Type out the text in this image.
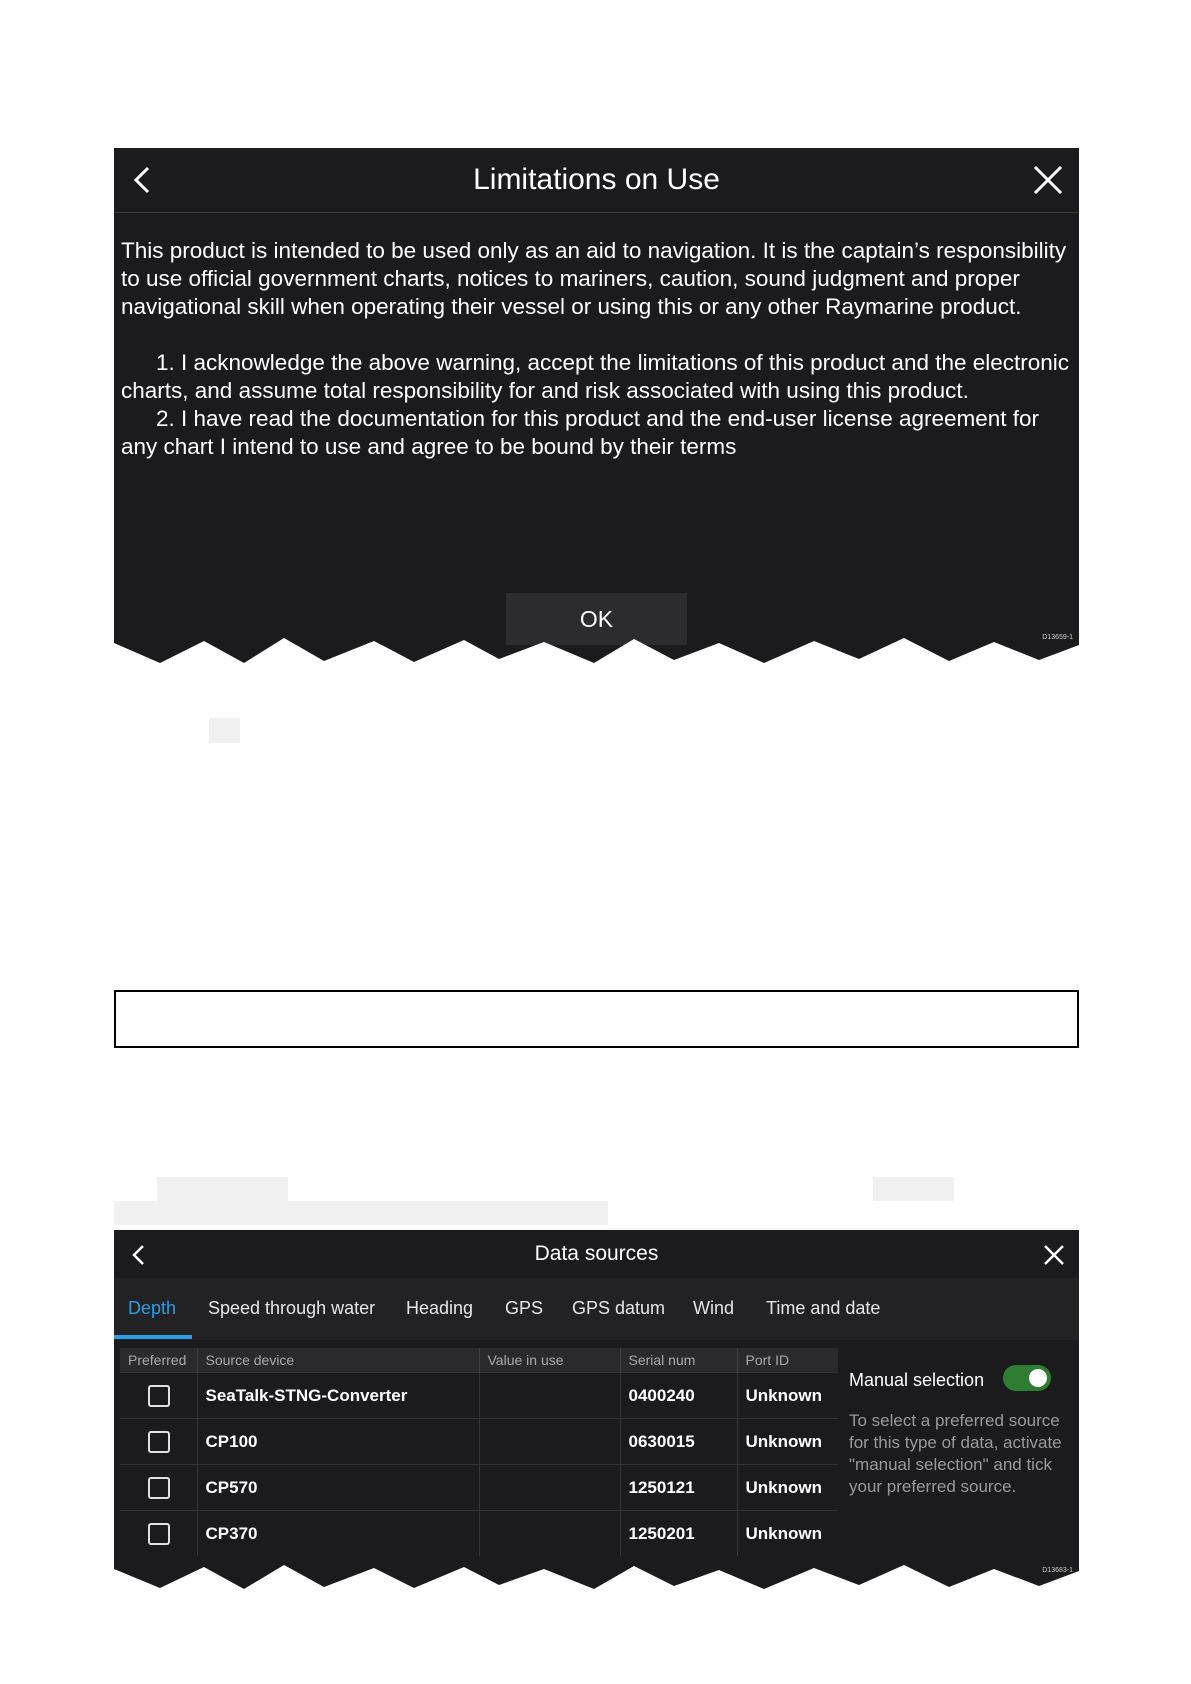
Limitations on Use

This product is intended to be used only as an aid to navigation. It is the captain’s responsibility to use official government charts, notices to mariners, caution, sound judgment and proper navigational skill when operating their vessel or using this or any other Raymarine product.

1. I acknowledge the above warning, accept the limitations of this product and the electronic charts, and assume total responsibility for and risk associated with using this product.
2. I have read the documentation for this product and the end-user license agreement for any chart I intend to use and agree to be bound by their terms
OK
D13659-1
Data sources
Depth Speed through water Heading GPS GPS datum Wind Time and date
Preferred	Source device	Value in use	Serial num	Port ID
	SeaTalk-STNG-Converter		0400240	Unknown
	CP100		0630015	Unknown
	CP570		1250121	Unknown
	CP370		1250201	Unknown
Manual selection
To select a preferred source for this type of data, activate "manual selection" and tick your preferred source.
D13683-1
